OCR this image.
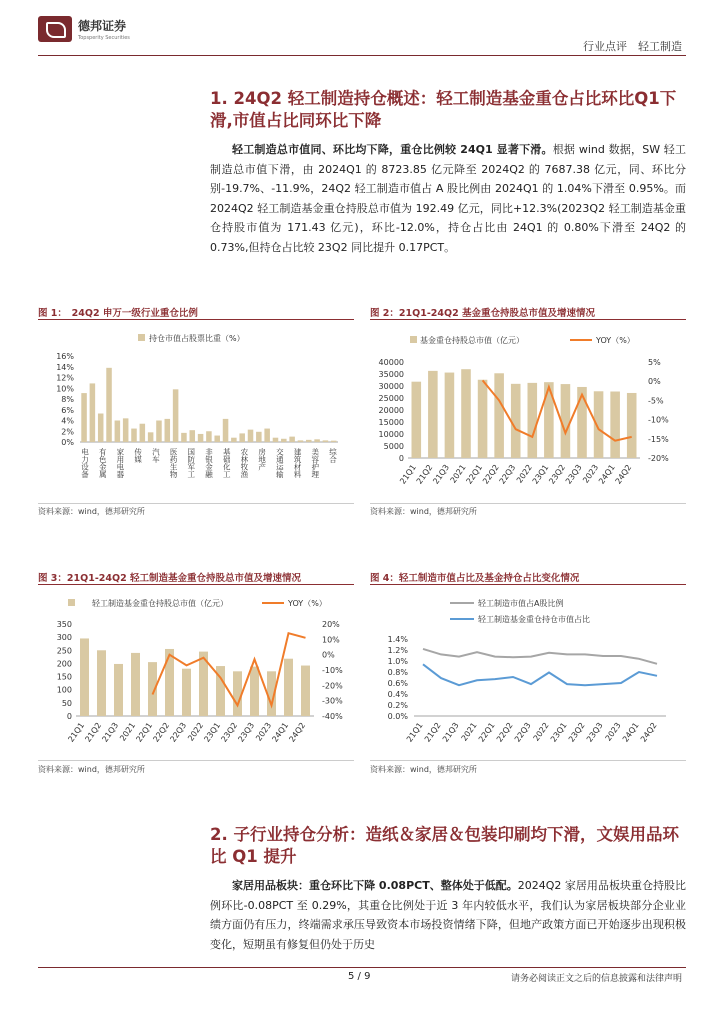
德邦证券
Topsperity Securities
行业点评　轻工制造
1. 24Q2 轻工制造持仓概述：轻工制造基金重仓占比环比Q1下滑,市值占比同环比下降
轻工制造总市值同、环比均下降，重仓比例较 24Q1 显著下滑。根据 wind 数据，SW 轻工制造总市值下滑，由 2024Q1 的 8723.85 亿元降至 2024Q2 的 7687.38 亿元，同、环比分别-19.7%、-11.9%，24Q2 轻工制造市值占 A 股比例由 2024Q1 的 1.04%下滑至 0.95%。而 2024Q2 轻工制造基金重仓持股总市值为 192.49 亿元，同比+12.3%(2023Q2 轻工制造基金重仓持股市值为 171.43 亿元)，环比-12.0%，持仓占比由 24Q1 的 0.80%下滑至 24Q2 的 0.73%,但持仓占比较 23Q2 同比提升 0.17PCT。
图 1：　24Q2 申万一级行业重仓比例
持仓市值占股票比重（%）
16%
14%
12%
10%
8%
6%
4%
2%
0%
电力设备 有色金属 家用电器 传媒 汽车 医药生物 国防军工 非银金融 基础化工 农林牧渔 房地产 交通运输 建筑材料 美容护理 综合
资料来源：wind，德邦研究所
图 2：21Q1-24Q2 基金重仓持股总市值及增速情况
基金重仓持股总市值（亿元）	YOY（%）
40000
35000
30000
25000
20000
15000
10000
5000
0
5%
0%
-5%
-10%
-15%
-20%
21Q1
21Q2
21Q3
2021
22Q1
22Q2
22Q3
2022
23Q1
23Q2
23Q3
2023
24Q1
24Q2
资料来源：wind，德邦研究所
图 3：21Q1-24Q2 轻工制造基金重仓持股总市值及增速情况
轻工制造基金重仓持股总市值（亿元）	YOY（%）
350
300
250
200
150
100
50
0
20%
10%
0%
-10%
-20%
-30%
-40%
21Q1
21Q2
21Q3
2021
22Q1
22Q2
22Q3
2022
23Q1
23Q2
23Q3
2023
24Q1
24Q2
资料来源：wind，德邦研究所
图 4：轻工制造市值占比及基金持仓占比变化情况
轻工制造市值占A股比例
轻工制造基金重仓持仓市值占比
1.4%
1.2%
1.0%
0.8%
0.6%
0.4%
0.2%
0.0%
21Q1
21Q2
21Q3
2021
22Q1
22Q2
22Q3
2022
23Q1
23Q2
23Q3
2023
24Q1
24Q2
资料来源：wind，德邦研究所
2. 子行业持仓分析：造纸＆家居＆包装印刷均下滑，文娱用品环比 Q1 提升
家居用品板块：重仓环比下降 0.08PCT、整体处于低配。2024Q2 家居用品板块重仓持股比例环比-0.08PCT 至 0.29%，其重仓比例处于近 3 年内较低水平，我们认为家居板块部分企业业绩方面仍有压力，终端需求承压导致资本市场投资情绪下降，但地产政策方面已开始逐步出现积极变化，短期虽有修复但仍处于历史
5 / 9	请务必阅读正文之后的信息披露和法律声明
